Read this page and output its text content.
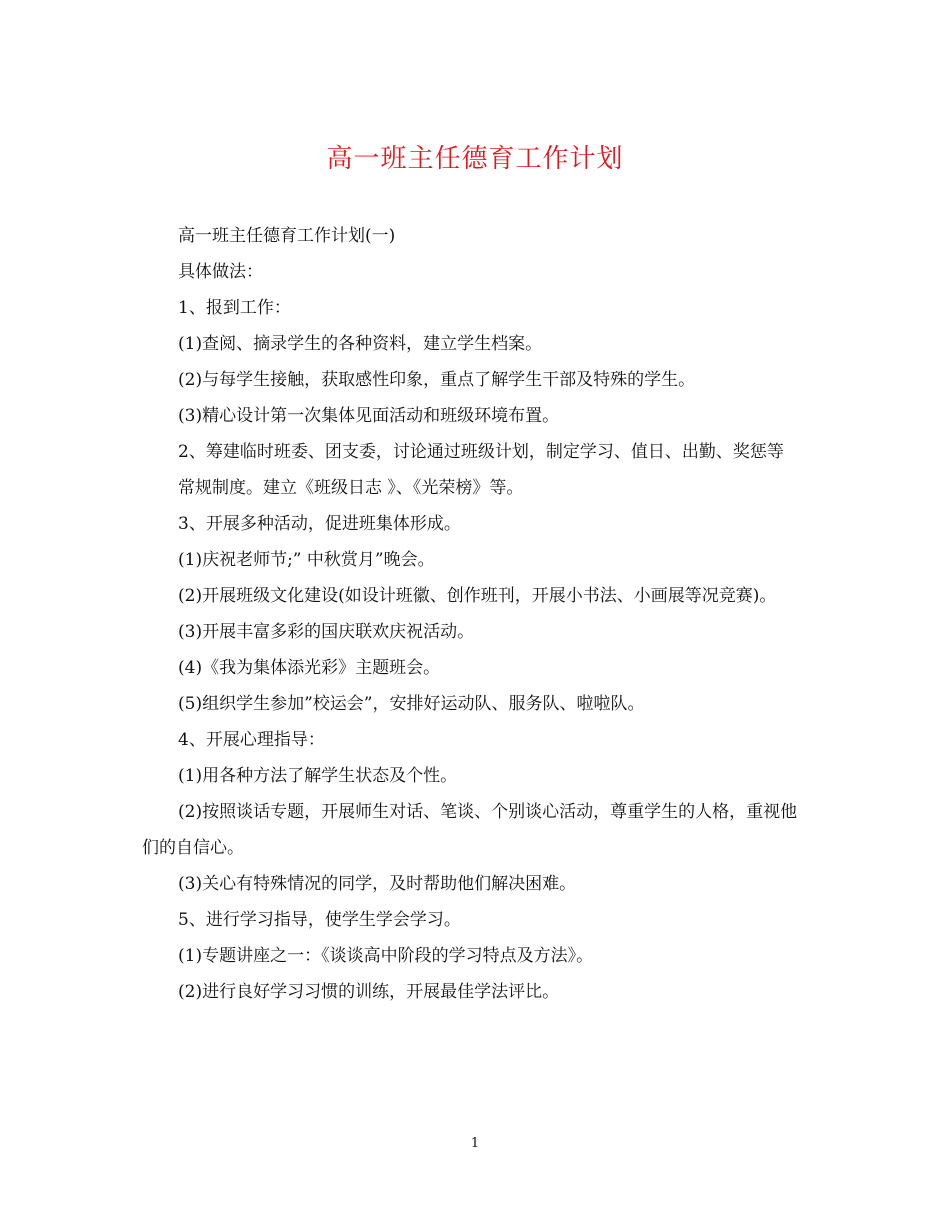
高一班主任德育工作计划

高一班主任德育工作计划(一)

具体做法：

1、报到工作：

(1)查阅、摘录学生的各种资料，建立学生档案。

(2)与每学生接触，获取感性印象，重点了解学生干部及特殊的学生。

(3)精心设计第一次集体见面活动和班级环境布置。

2、筹建临时班委、团支委，讨论通过班级计划，制定学习、值日、出勤、奖惩等

常规制度。建立《班级日志 》、《光荣榜》等。

3、开展多种活动，促进班集体形成。

(1)庆祝老师节;” 中秋赏月”晚会。

(2)开展班级文化建设(如设计班徽、创作班刊，开展小书法、小画展等况竞赛)。

(3)开展丰富多彩的国庆联欢庆祝活动。

(4)《我为集体添光彩》主题班会。

(5)组织学生参加”校运会”，安排好运动队、服务队、啦啦队。

4、开展心理指导：

(1)用各种方法了解学生状态及个性。

(2)按照谈话专题，开展师生对话、笔谈、个别谈心活动，尊重学生的人格，重视他们的自信心。

(3)关心有特殊情况的同学，及时帮助他们解决困难。

5、进行学习指导，使学生学会学习。

(1)专题讲座之一：《谈谈高中阶段的学习特点及方法》。

(2)进行良好学习习惯的训练，开展最佳学法评比。

1
